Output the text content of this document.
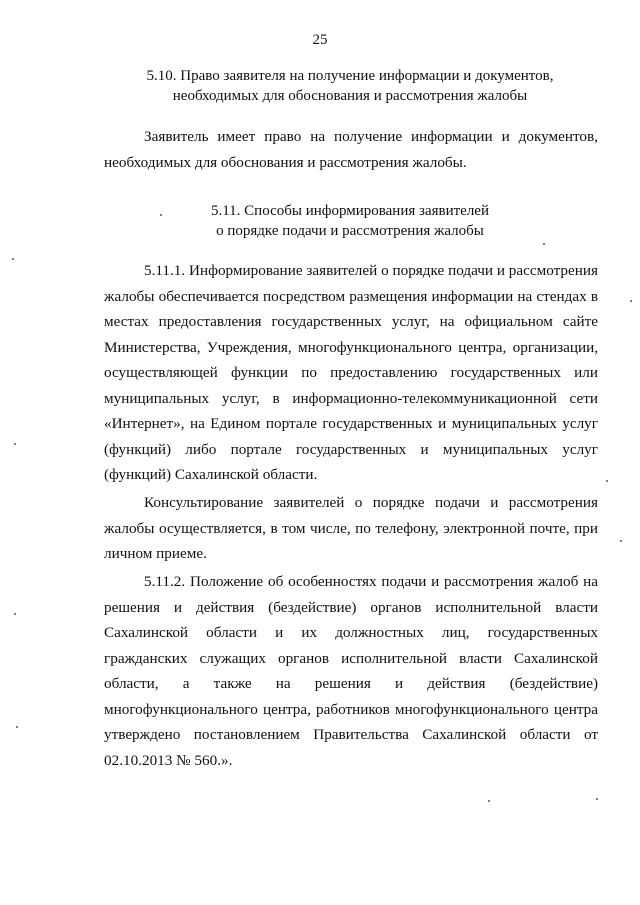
25
5.10. Право заявителя на получение информации и документов,
необходимых для обоснования и рассмотрения жалобы

Заявитель имеет право на получение информации и документов, необходимых для обоснования и рассмотрения жалобы.

5.11. Способы информирования заявителей
о порядке подачи и рассмотрения жалобы

5.11.1. Информирование заявителей о порядке подачи и рассмотрения жалобы обеспечивается посредством размещения информации на стендах в местах предоставления государственных услуг, на официальном сайте Министерства, Учреждения, многофункционального центра, организации, осуществляющей функции по предоставлению государственных или муниципальных услуг, в информационно-телекоммуникационной сети «Интернет», на Едином портале государственных и муниципальных услуг (функций) либо портале государственных и муниципальных услуг (функций) Сахалинской области.

Консультирование заявителей о порядке подачи и рассмотрения жалобы осуществляется, в том числе, по телефону, электронной почте, при личном приеме.

5.11.2. Положение об особенностях подачи и рассмотрения жалоб на решения и действия (бездействие) органов исполнительной власти Сахалинской области и их должностных лиц, государственных гражданских служащих органов исполнительной власти Сахалинской области, а также на решения и действия (бездействие) многофункционального центра, работников многофункционального центра утверждено постановлением Правительства Сахалинской области от 02.10.2013 № 560.».
